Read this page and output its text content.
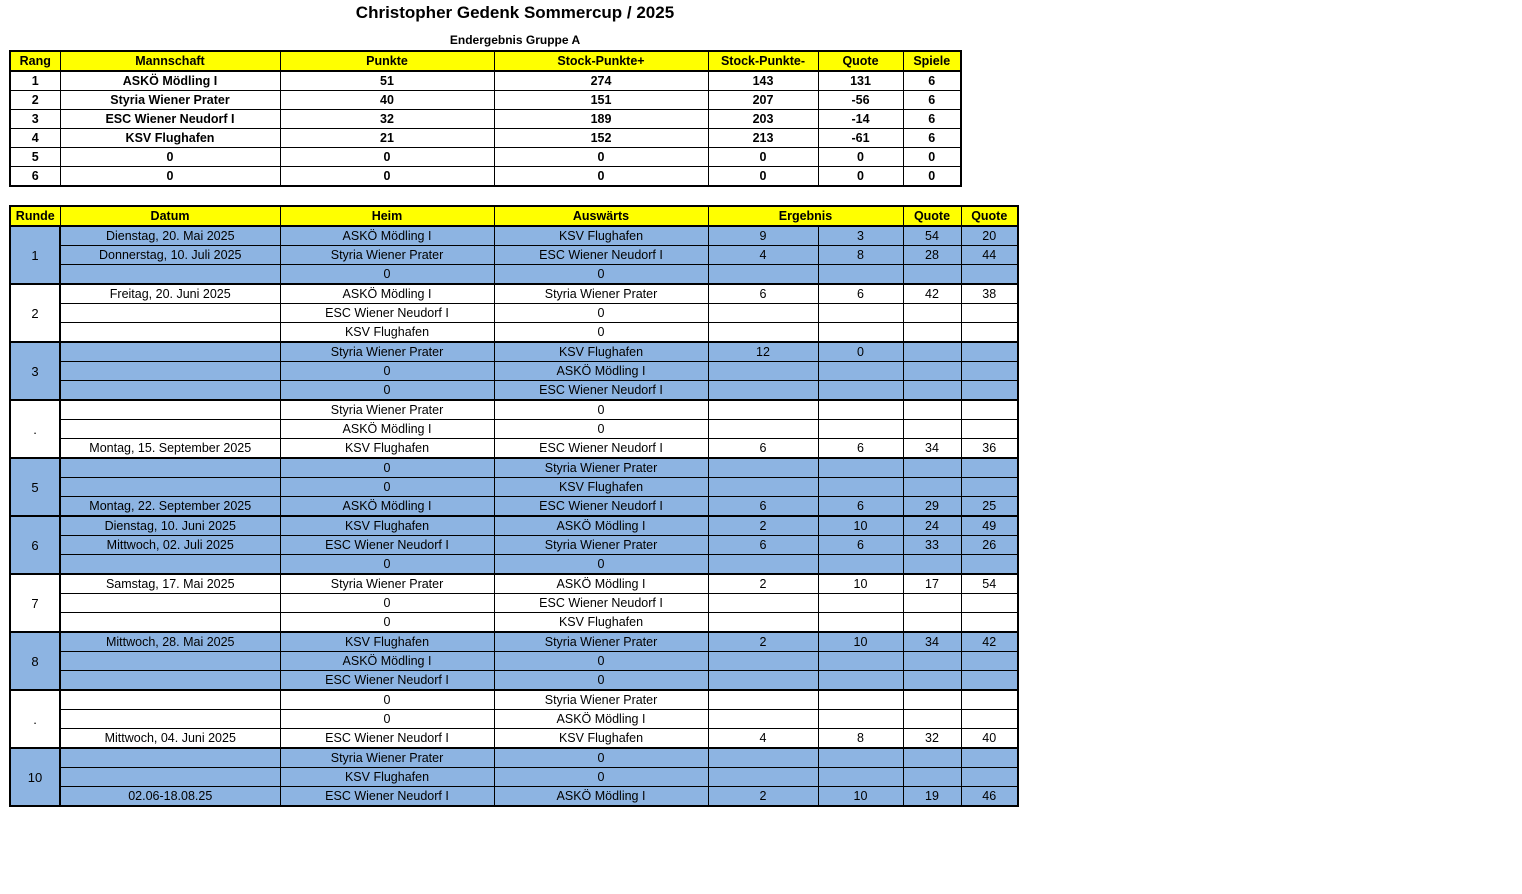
Christopher Gedenk Sommercup / 2025
Endergebnis Gruppe A
Rang	Mannschaft	Punkte	Stock-Punkte+	Stock-Punkte-	Quote	Spiele
1	ASKÖ Mödling I	51	274	143	131	6
2	Styria Wiener Prater	40	151	207	-56	6
3	ESC Wiener Neudorf I	32	189	203	-14	6
4	KSV Flughafen	21	152	213	-61	6
5	0	0	0	0	0	0
6	0	0	0	0	0	0
Runde	Datum	Heim	Auswärts	Ergebnis		Quote	Quote
1	Dienstag, 20. Mai 2025	ASKÖ Mödling I	KSV Flughafen	9	3	54	20
	Donnerstag, 10. Juli 2025	Styria Wiener Prater	ESC Wiener Neudorf I	4	8	28	44
		0	0				
2	Freitag, 20. Juni 2025	ASKÖ Mödling I	Styria Wiener Prater	6	6	42	38
		ESC Wiener Neudorf I	0				
		KSV Flughafen	0				
3		Styria Wiener Prater	KSV Flughafen	12	0		
		0	ASKÖ Mödling I				
		0	ESC Wiener Neudorf I				
.		Styria Wiener Prater	0				
		ASKÖ Mödling I	0				
	Montag, 15. September 2025	KSV Flughafen	ESC Wiener Neudorf I	6	6	34	36
5		0	Styria Wiener Prater				
		0	KSV Flughafen				
	Montag, 22. September 2025	ASKÖ Mödling I	ESC Wiener Neudorf I	6	6	29	25
6	Dienstag, 10. Juni 2025	KSV Flughafen	ASKÖ Mödling I	2	10	24	49
	Mittwoch, 02. Juli 2025	ESC Wiener Neudorf I	Styria Wiener Prater	6	6	33	26
		0	0				
7	Samstag, 17. Mai 2025	Styria Wiener Prater	ASKÖ Mödling I	2	10	17	54
		0	ESC Wiener Neudorf I				
		0	KSV Flughafen				
8	Mittwoch, 28. Mai 2025	KSV Flughafen	Styria Wiener Prater	2	10	34	42
		ASKÖ Mödling I	0				
		ESC Wiener Neudorf I	0				
.		0	Styria Wiener Prater				
		0	ASKÖ Mödling I				
	Mittwoch, 04. Juni 2025	ESC Wiener Neudorf I	KSV Flughafen	4	8	32	40
10		Styria Wiener Prater	0				
		KSV Flughafen	0				
	02.06-18.08.25	ESC Wiener Neudorf I	ASKÖ Mödling I	2	10	19	46
